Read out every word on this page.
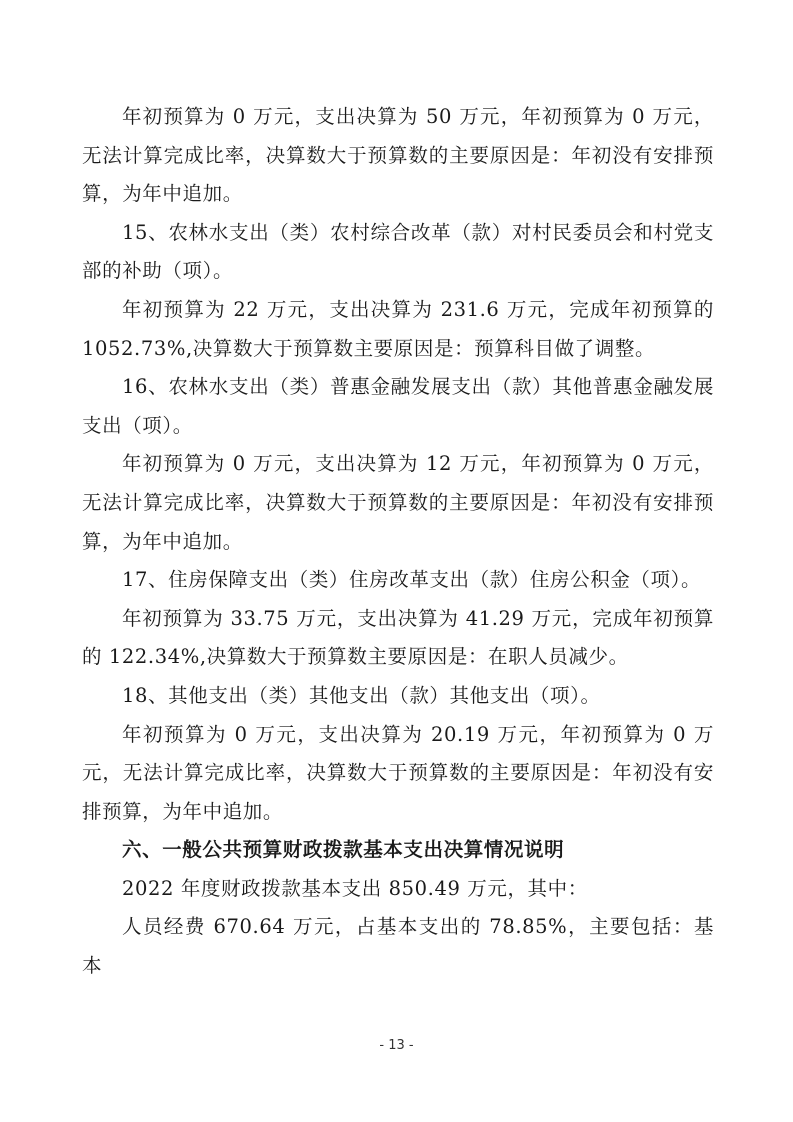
年初预算为 0 万元，支出决算为 50 万元，年初预算为 0 万元，无法计算完成比率，决算数大于预算数的主要原因是：年初没有安排预算，为年中追加。

15、农林水支出（类）农村综合改革（款）对村民委员会和村党支部的补助（项）。

年初预算为 22 万元，支出决算为 231.6 万元，完成年初预算的 1052.73%,决算数大于预算数主要原因是：预算科目做了调整。

16、农林水支出（类）普惠金融发展支出（款）其他普惠金融发展支出（项）。

年初预算为 0 万元，支出决算为 12 万元，年初预算为 0 万元，无法计算完成比率，决算数大于预算数的主要原因是：年初没有安排预算，为年中追加。

17、住房保障支出（类）住房改革支出（款）住房公积金（项）。

年初预算为 33.75 万元，支出决算为 41.29 万元，完成年初预算的 122.34%,决算数大于预算数主要原因是：在职人员减少。

18、其他支出（类）其他支出（款）其他支出（项）。

年初预算为 0 万元，支出决算为 20.19 万元，年初预算为 0 万元，无法计算完成比率，决算数大于预算数的主要原因是：年初没有安排预算，为年中追加。

六、一般公共预算财政拨款基本支出决算情况说明

2022 年度财政拨款基本支出 850.49 万元，其中：

人员经费 670.64 万元，占基本支出的 78.85%，主要包括：基本

- 13 -
